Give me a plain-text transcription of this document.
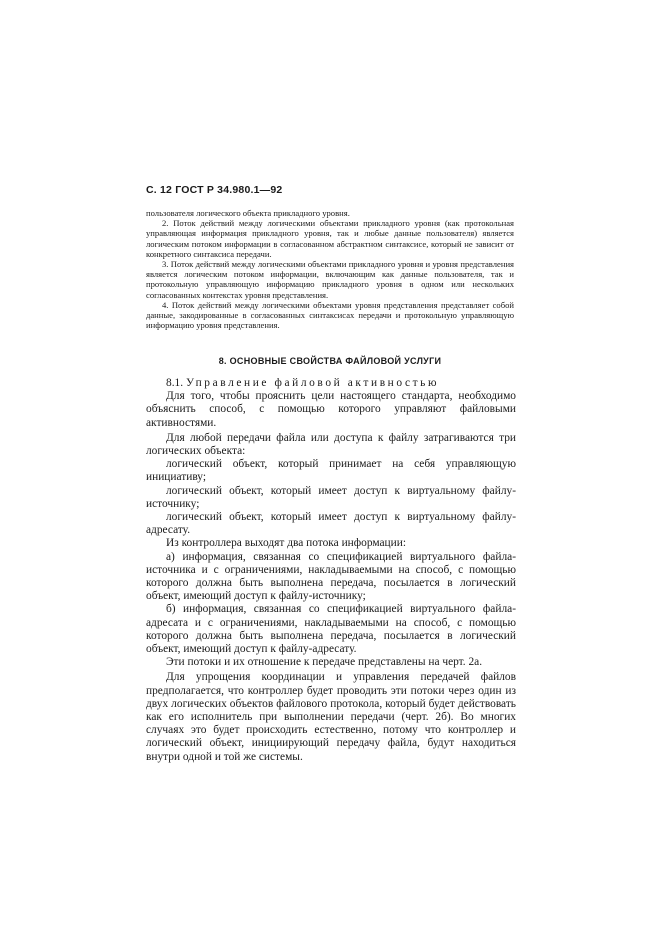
С. 12 ГОСТ Р 34.980.1—92

пользователя логического объекта прикладного уровня.

2. Поток действий между логическими объектами прикладного уровня (как протокольная управляющая информация прикладного уровня, так и любые данные пользователя) является логическим потоком информации в согласованном абстрактном синтаксисе, который не зависит от конкретного синтаксиса передачи.

3. Поток действий между логическими объектами прикладного уровня и уровня представления является логическим потоком информации, включающим как данные пользователя, так и протокольную управляющую информацию прикладного уровня в одном или нескольких согласованных контекстах уровня представления.

4. Поток действий между логическими объектами уровня представления представляет собой данные, закодированные в согласованных синтаксисах передачи и протокольную управляющую информацию уровня представления.

8. ОСНОВНЫЕ СВОЙСТВА ФАЙЛОВОЙ УСЛУГИ

8.1. Управление файловой активностью

Для того, чтобы прояснить цели настоящего стандарта, необходимо объяснить способ, с помощью которого управляют файловыми активностями.

Для любой передачи файла или доступа к файлу затрагиваются три логических объекта:

логический объект, который принимает на себя управляющую инициативу;

логический объект, который имеет доступ к виртуальному файлу-источнику;

логический объект, который имеет доступ к виртуальному файлу-адресату.

Из контроллера выходят два потока информации:

а) информация, связанная со спецификацией виртуального файла-источника и с ограничениями, накладываемыми на способ, с помощью которого должна быть выполнена передача, посылается в логический объект, имеющий доступ к файлу-источнику;

б) информация, связанная со спецификацией виртуального файла-адресата и с ограничениями, накладываемыми на способ, с помощью которого должна быть выполнена передача, посылается в логический объект, имеющий доступ к файлу-адресату.

Эти потоки и их отношение к передаче представлены на черт. 2а.

Для упрощения координации и управления передачей файлов предполагается, что контроллер будет проводить эти потоки через один из двух логических объектов файлового протокола, который будет действовать как его исполнитель при выполнении передачи (черт. 2б). Во многих случаях это будет происходить естественно, потому что контроллер и логический объект, инициирующий передачу файла, будут находиться внутри одной и той же системы.
